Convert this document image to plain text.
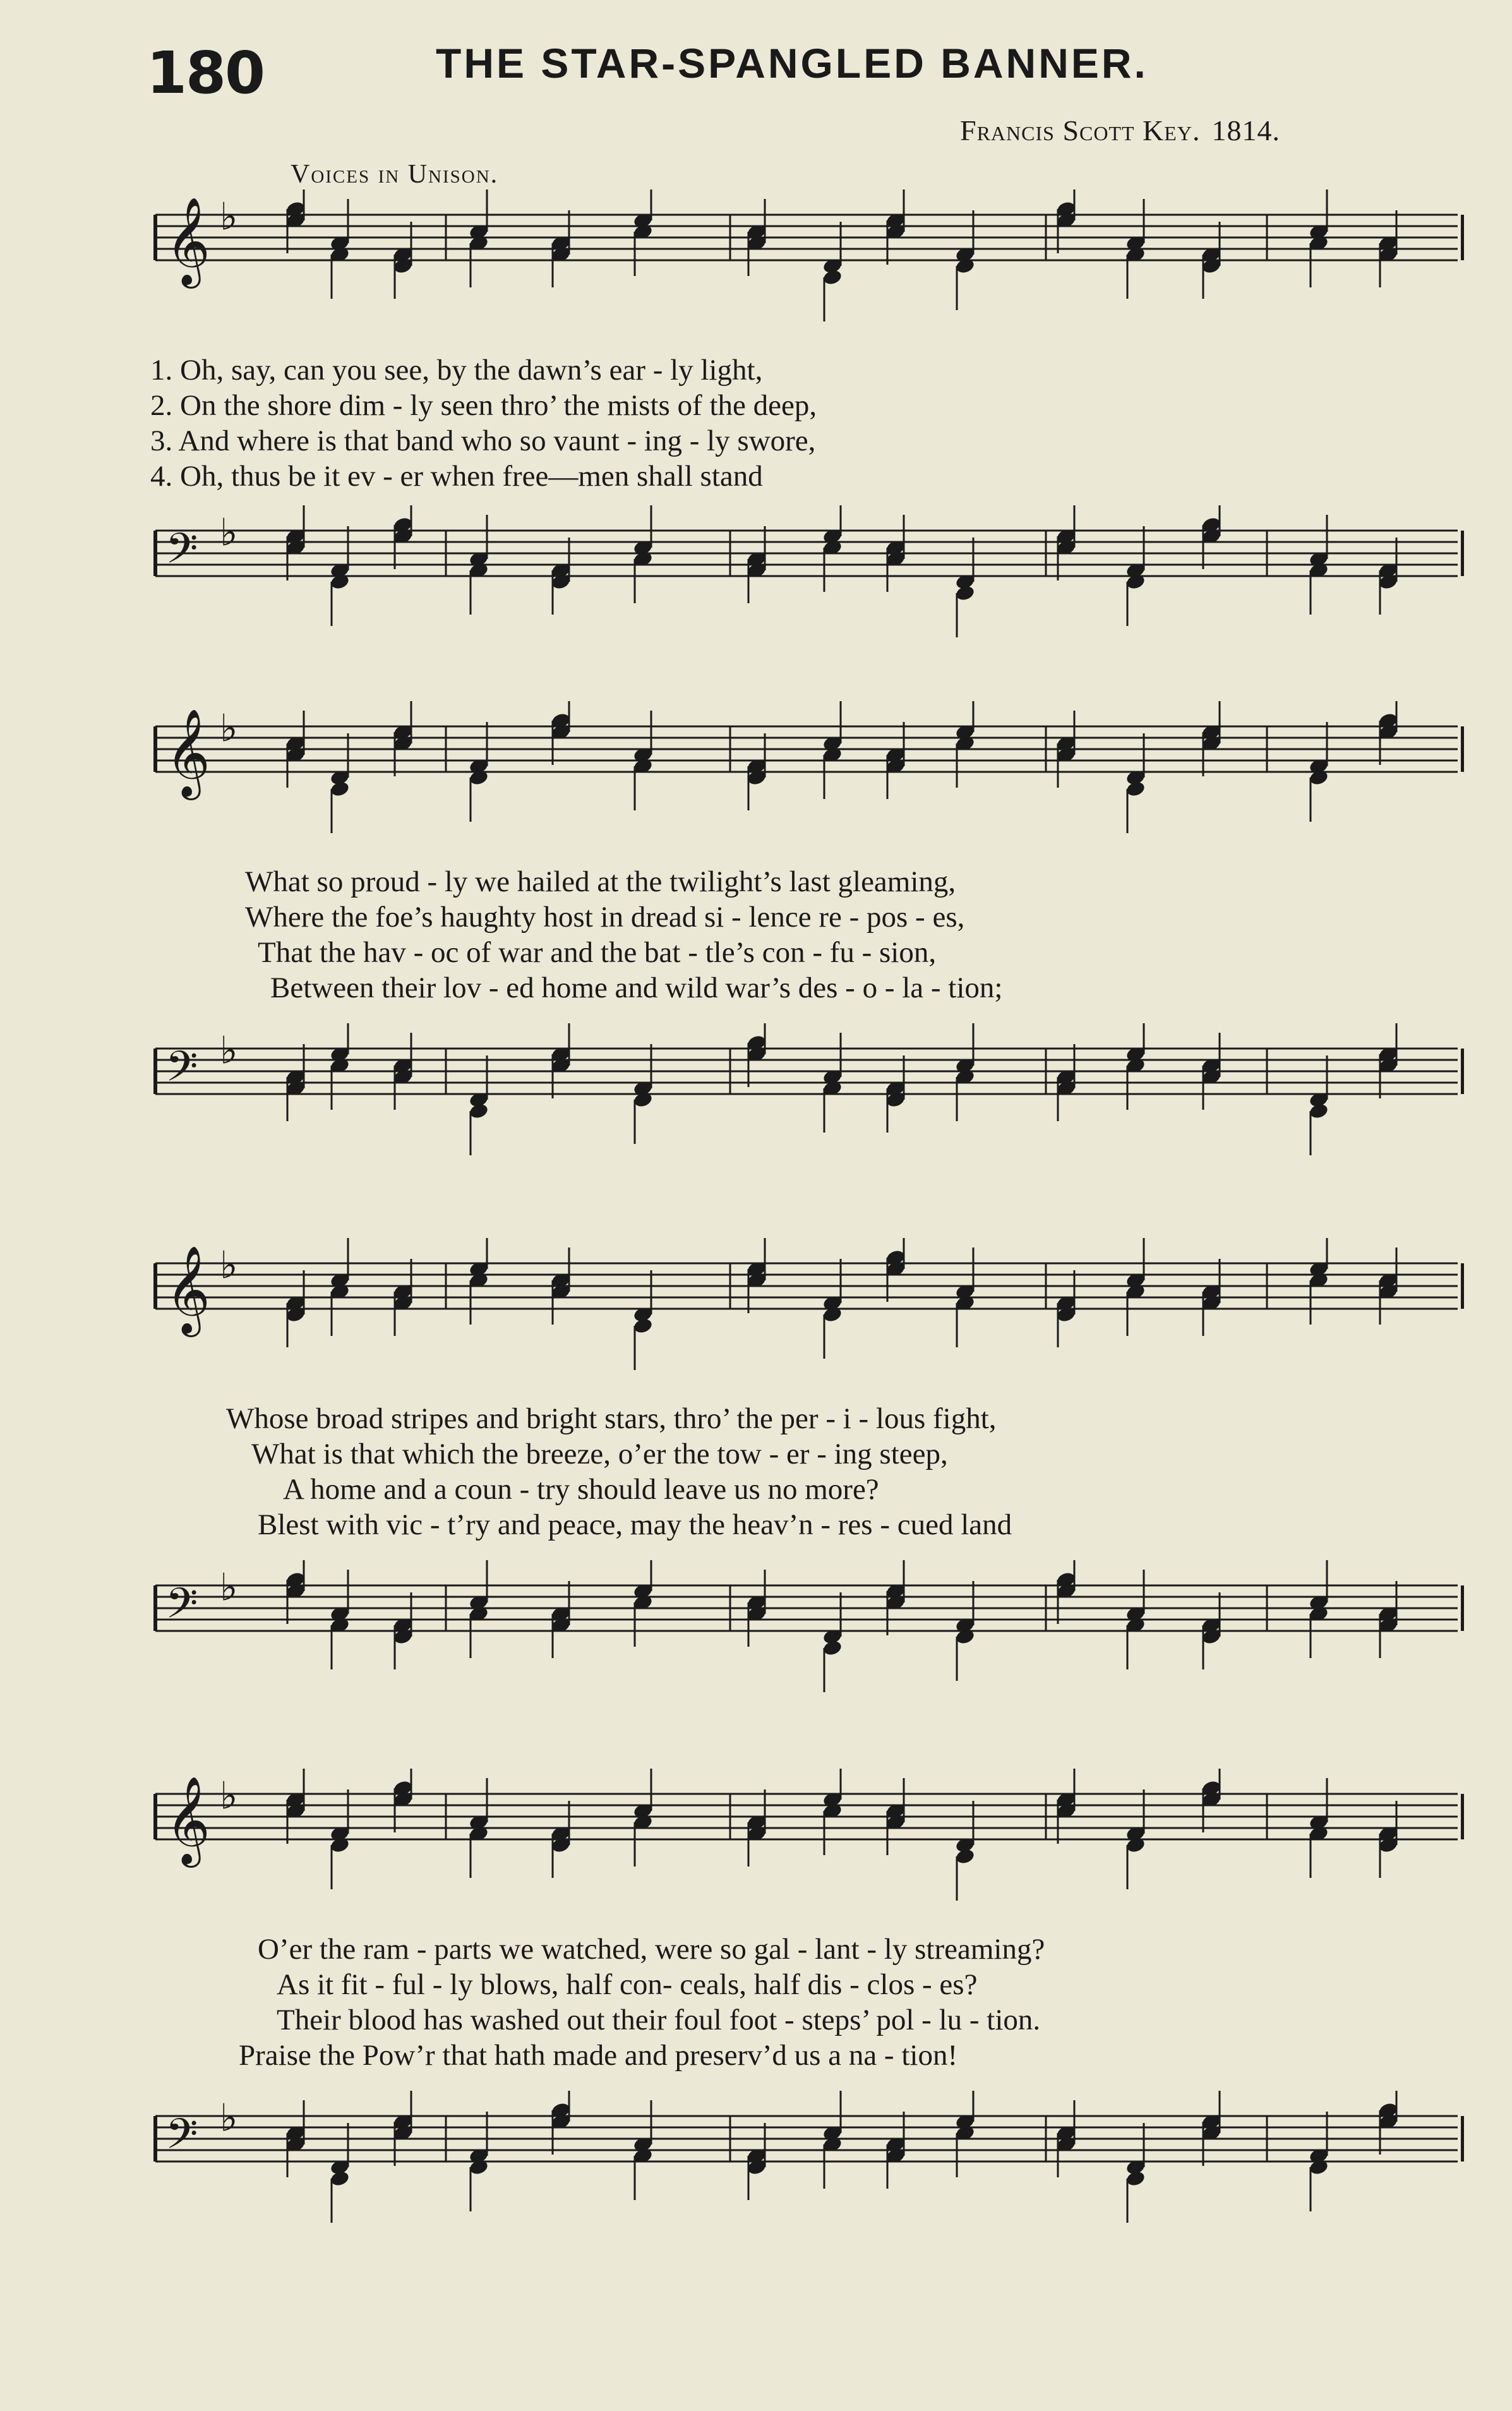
180	THE STAR-SPANGLED BANNER.
Francis Scott Key. 1814.
Voices in Unison.
𝄞 ♭
1. Oh, say, can you see, by the dawn’s ear - ly light,
2. On the shore dim - ly seen thro’ the mists of the deep,
3. And where is that band who so vaunt - ing - ly swore,
4. Oh, thus be it ev - er when free—men shall stand
𝄢 ♭
𝄞 ♭
What so proud - ly we hailed at the twilight’s last gleaming,
Where the foe’s haughty host in dread si - lence re - pos - es,
That the hav - oc of war and the bat - tle’s con - fu - sion,
Between their lov - ed home and wild war’s des - o - la - tion;
𝄢 ♭
𝄞 ♭
Whose broad stripes and bright stars, thro’ the per - i - lous fight,
What is that which the breeze, o’er the tow - er - ing steep,
A home and a coun - try should leave us no more?
Blest with vic - t’ry and peace, may the heav’n - res - cued land
𝄢 ♭
𝄞 ♭
O’er the ram - parts we watched, were so gal - lant - ly streaming?
As it fit - ful - ly blows, half con- ceals, half dis - clos - es?
Their blood has washed out their foul foot - steps’ pol - lu - tion.
Praise the Pow’r that hath made and preserv’d us a na - tion!
𝄢 ♭
